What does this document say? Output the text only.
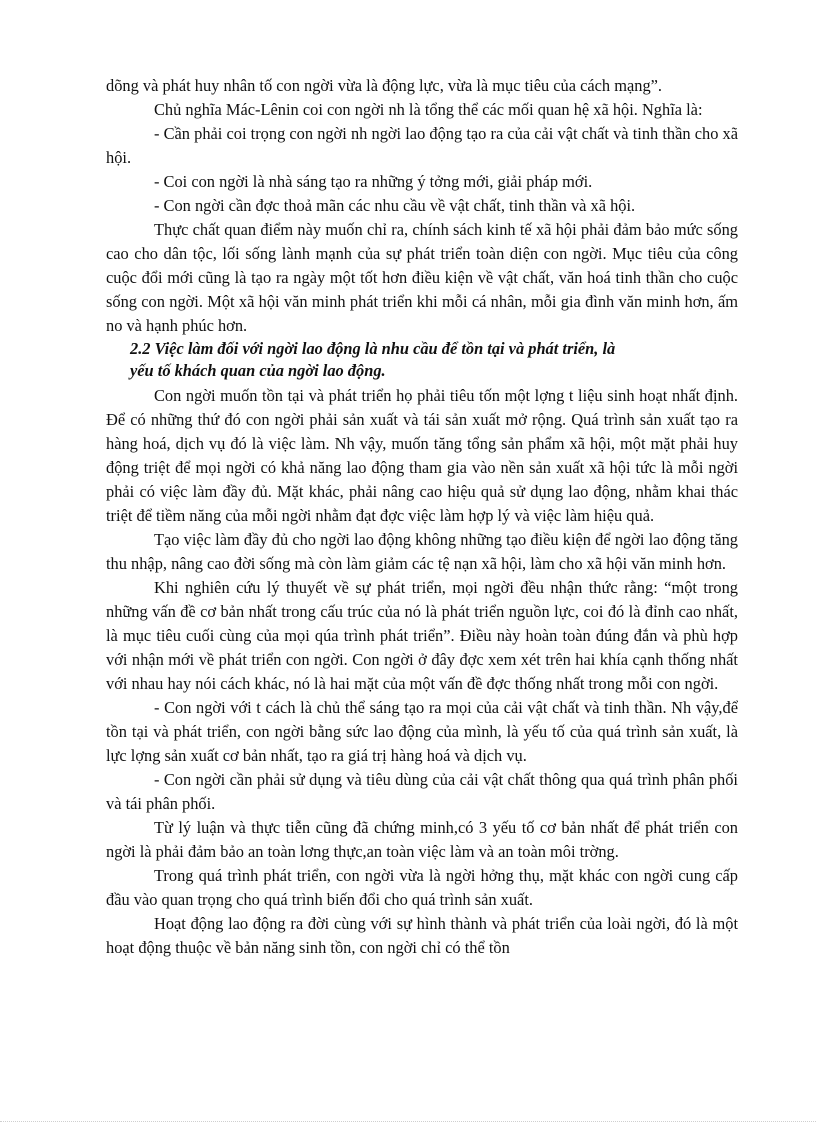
dõng và phát huy nhân tố con ngời vừa là động lực, vừa là mục tiêu của cách mạng”.

Chủ nghĩa Mác-Lênin coi con ngời nh là tổng thể các mối quan hệ xã hội. Nghĩa là:

- Cần phải coi trọng con ngời nh ngời lao động tạo ra của cải vật chất và tinh thần cho xã hội.

- Coi con ngời là nhà sáng tạo ra những ý tởng mới, giải pháp mới.

- Con ngời cần đợc thoả mãn các nhu cầu về vật chất, tinh thần và xã hội.

Thực chất quan điểm này muốn chỉ ra, chính sách kinh tế xã hội phải đảm bảo mức sống cao cho dân tộc, lối sống lành mạnh của sự phát triển toàn diện con ngời. Mục tiêu của công cuộc đổi mới cũng là tạo ra ngày một tốt hơn điều kiện về vật chất, văn hoá tinh thần cho cuộc sống con ngời. Một xã hội văn minh phát triển khi mỗi cá nhân, mỗi gia đình văn minh hơn, ấm no và hạnh phúc hơn.

2.2 Việc làm đối với ngời lao động là nhu cầu để tồn tại và phát triển, là
yếu tố khách quan của ngời lao động.

Con ngời muốn tồn tại và phát triển họ phải tiêu tốn một lợng t liệu sinh hoạt nhất định. Để có những thứ đó con ngời phải sản xuất và tái sản xuất mở rộng. Quá trình sản xuất tạo ra hàng hoá, dịch vụ đó là việc làm. Nh vậy, muốn tăng tổng sản phẩm xã hội, một mặt phải huy động triệt để mọi ngời có khả năng lao động tham gia vào nền sản xuất xã hội tức là mỗi ngời phải có việc làm đầy đủ. Mặt khác, phải nâng cao hiệu quả sử dụng lao động, nhằm khai thác triệt để tiềm năng của mỗi ngời nhằm đạt đợc việc làm hợp lý và việc làm hiệu quả.

Tạo việc làm đầy đủ cho ngời lao động không những tạo điều kiện để ngời lao động tăng thu nhập, nâng cao đời sống mà còn làm giảm các tệ nạn xã hội, làm cho xã hội văn minh hơn.

Khi nghiên cứu lý thuyết về sự phát triển, mọi ngời đều nhận thức rằng: “một trong những vấn đề cơ bản nhất trong cấu trúc của nó là phát triển nguồn lực, coi đó là đỉnh cao nhất, là mục tiêu cuối cùng của mọi qúa trình phát triển”. Điều này hoàn toàn đúng đắn và phù hợp với nhận mới về phát triển con ngời. Con ngời ở đây đợc xem xét trên hai khía cạnh thống nhất với nhau hay nói cách khác, nó là hai mặt của một vấn đề đợc thống nhất trong mỗi con ngời.

- Con ngời với t cách là chủ thể sáng tạo ra mọi của cải vật chất và tinh thần. Nh vậy,để tồn tại và phát triển, con ngời bằng sức lao động của mình, là yếu tố của quá trình sản xuất, là lực lợng sản xuất cơ bản nhất, tạo ra giá trị hàng hoá và dịch vụ.

- Con ngời cần phải sử dụng và tiêu dùng của cải vật chất thông qua quá trình phân phối và tái phân phối.

Từ lý luận và thực tiễn cũng đã chứng minh,có 3 yếu tố cơ bản nhất để phát triển con ngời là phải đảm bảo an toàn lơng thực,an toàn việc làm và an toàn môi trờng.

Trong quá trình phát triển, con ngời vừa là ngời hởng thụ, mặt khác con ngời cung cấp đầu vào quan trọng cho quá trình biến đổi cho quá trình sản xuất.

Hoạt động lao động ra đời cùng với sự hình thành và phát triển của loài ngời, đó là một hoạt động thuộc về bản năng sinh tồn, con ngời chỉ có thể tồn
